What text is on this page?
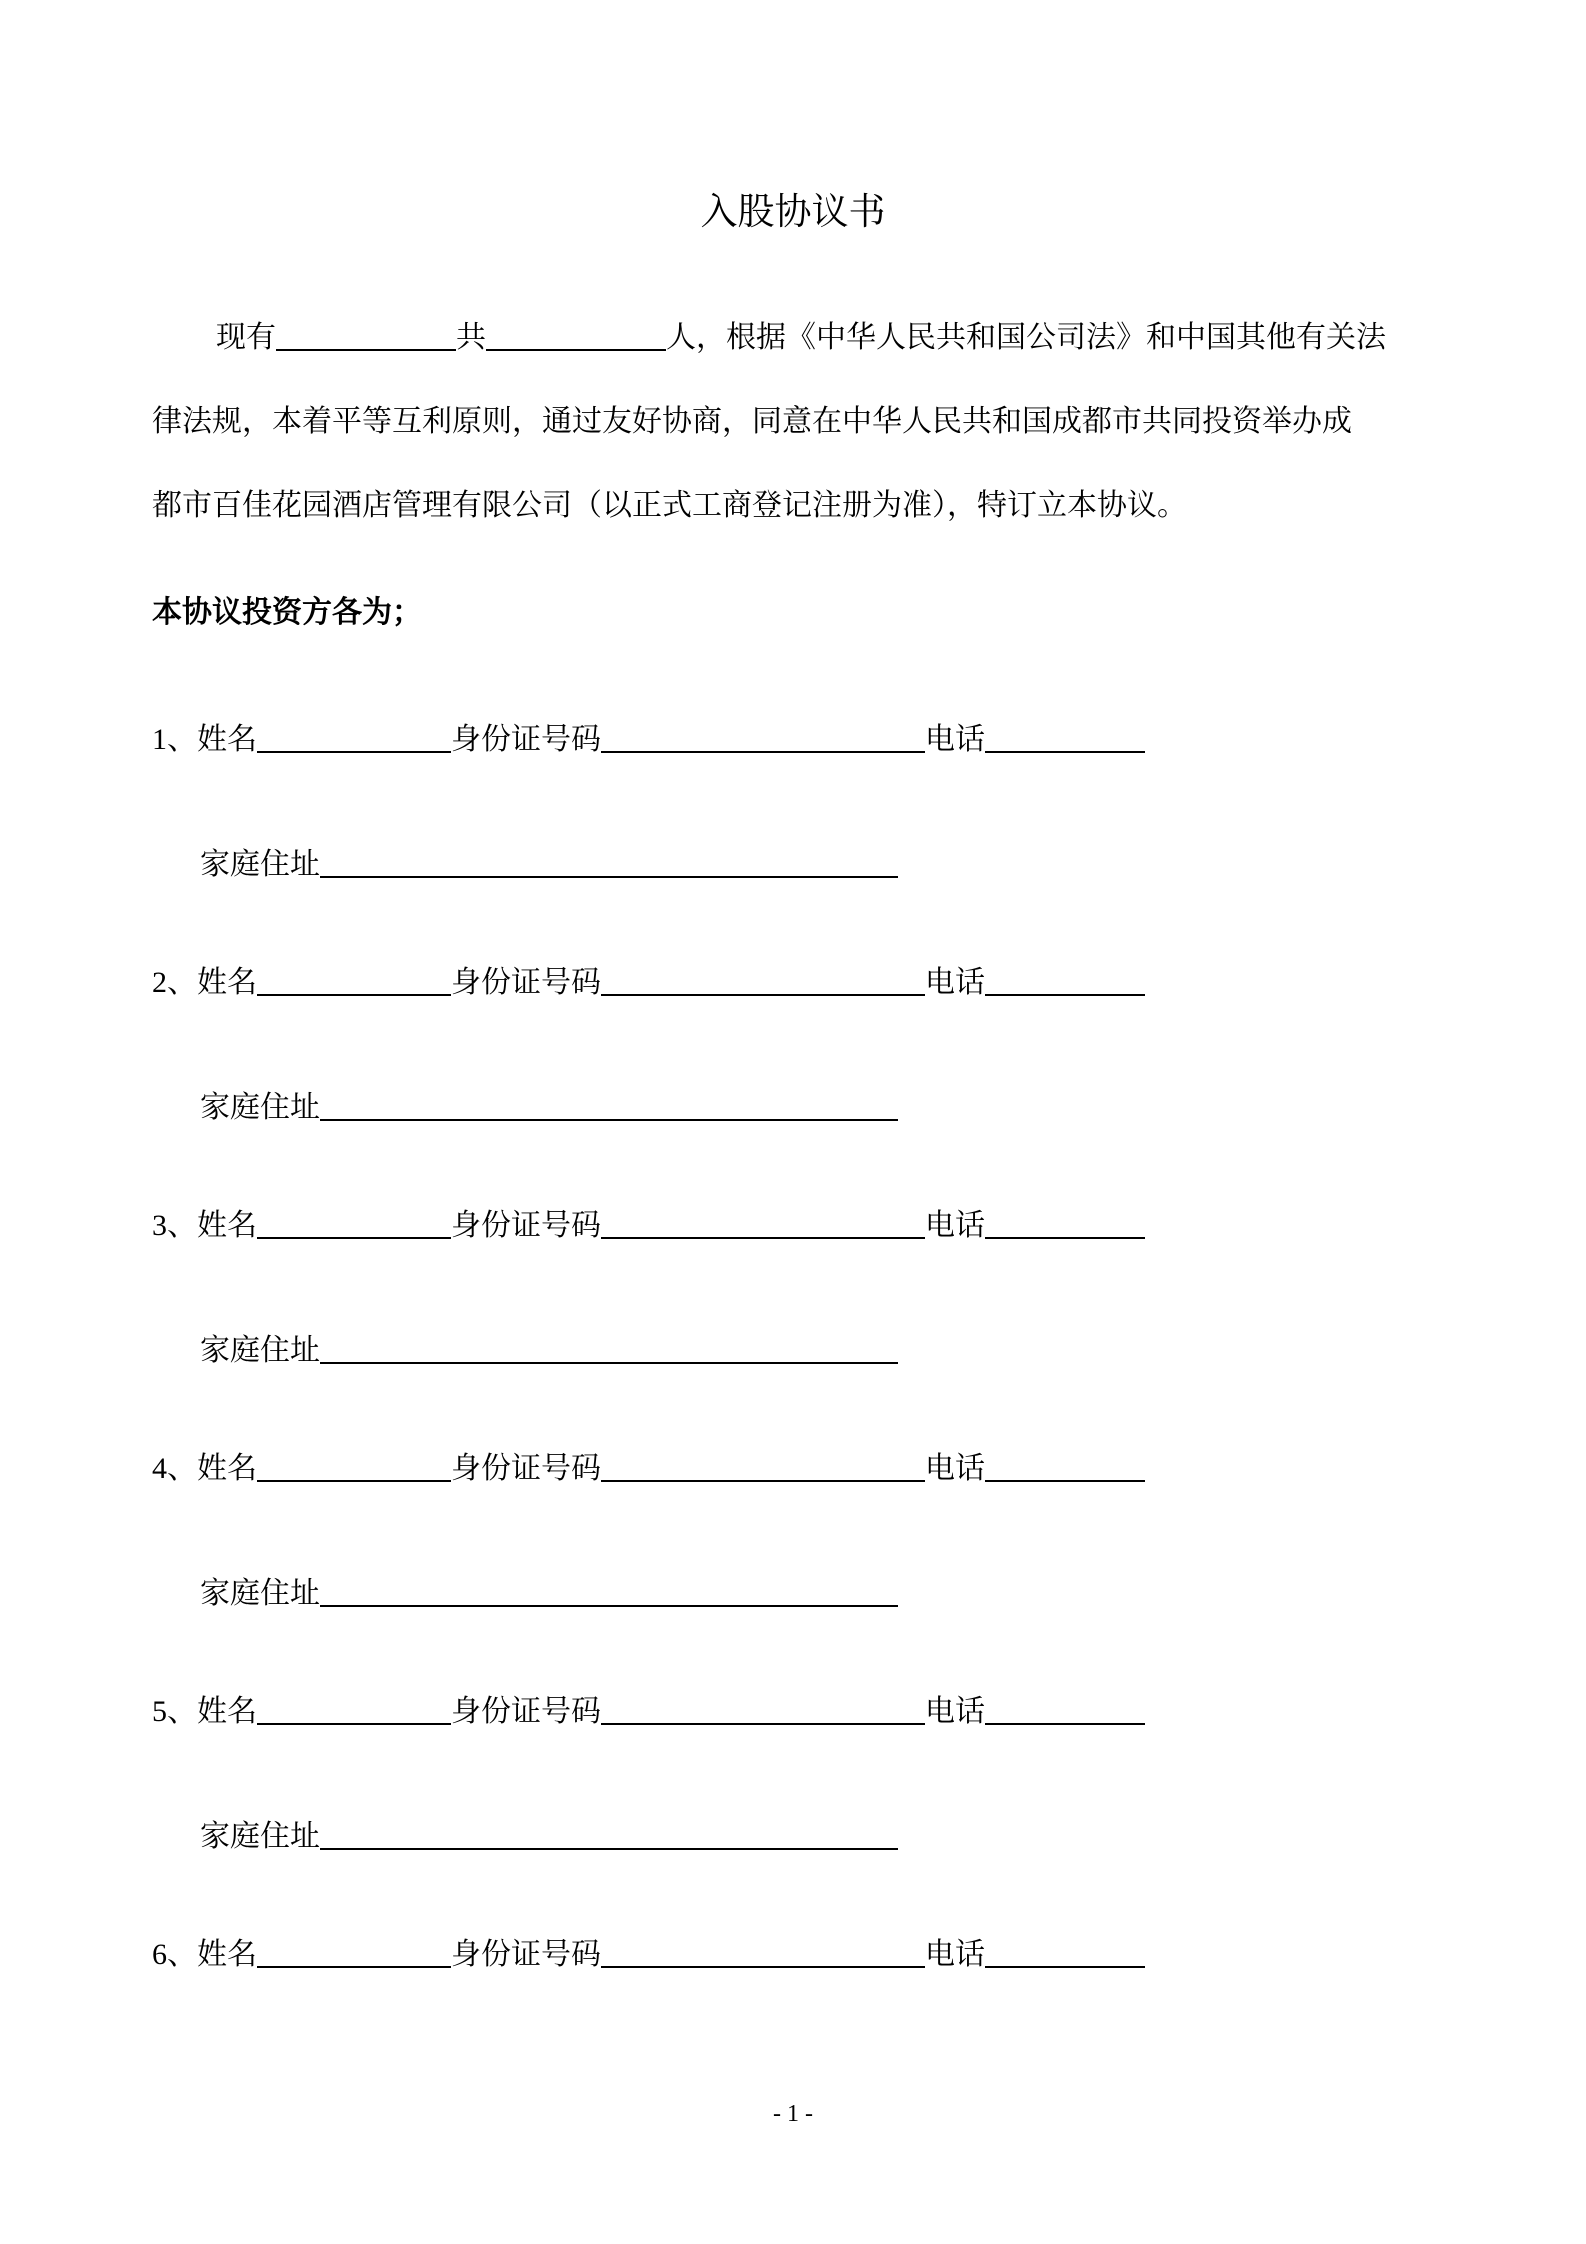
入股协议书

现有	共	人，根据《中华人民共和国公司法》和中国其他有关法
律法规，本着平等互利原则，通过友好协商，同意在中华人民共和国成都市共同投资举办成
都市百佳花园酒店管理有限公司（以正式工商登记注册为准），特订立本协议。

本协议投资方各为；
1、姓名	身份证号码	电话
家庭住址
2、姓名	身份证号码	电话
家庭住址
3、姓名	身份证号码	电话
家庭住址
4、姓名	身份证号码	电话
家庭住址
5、姓名	身份证号码	电话
家庭住址
6、姓名	身份证号码	电话
- 1 -
